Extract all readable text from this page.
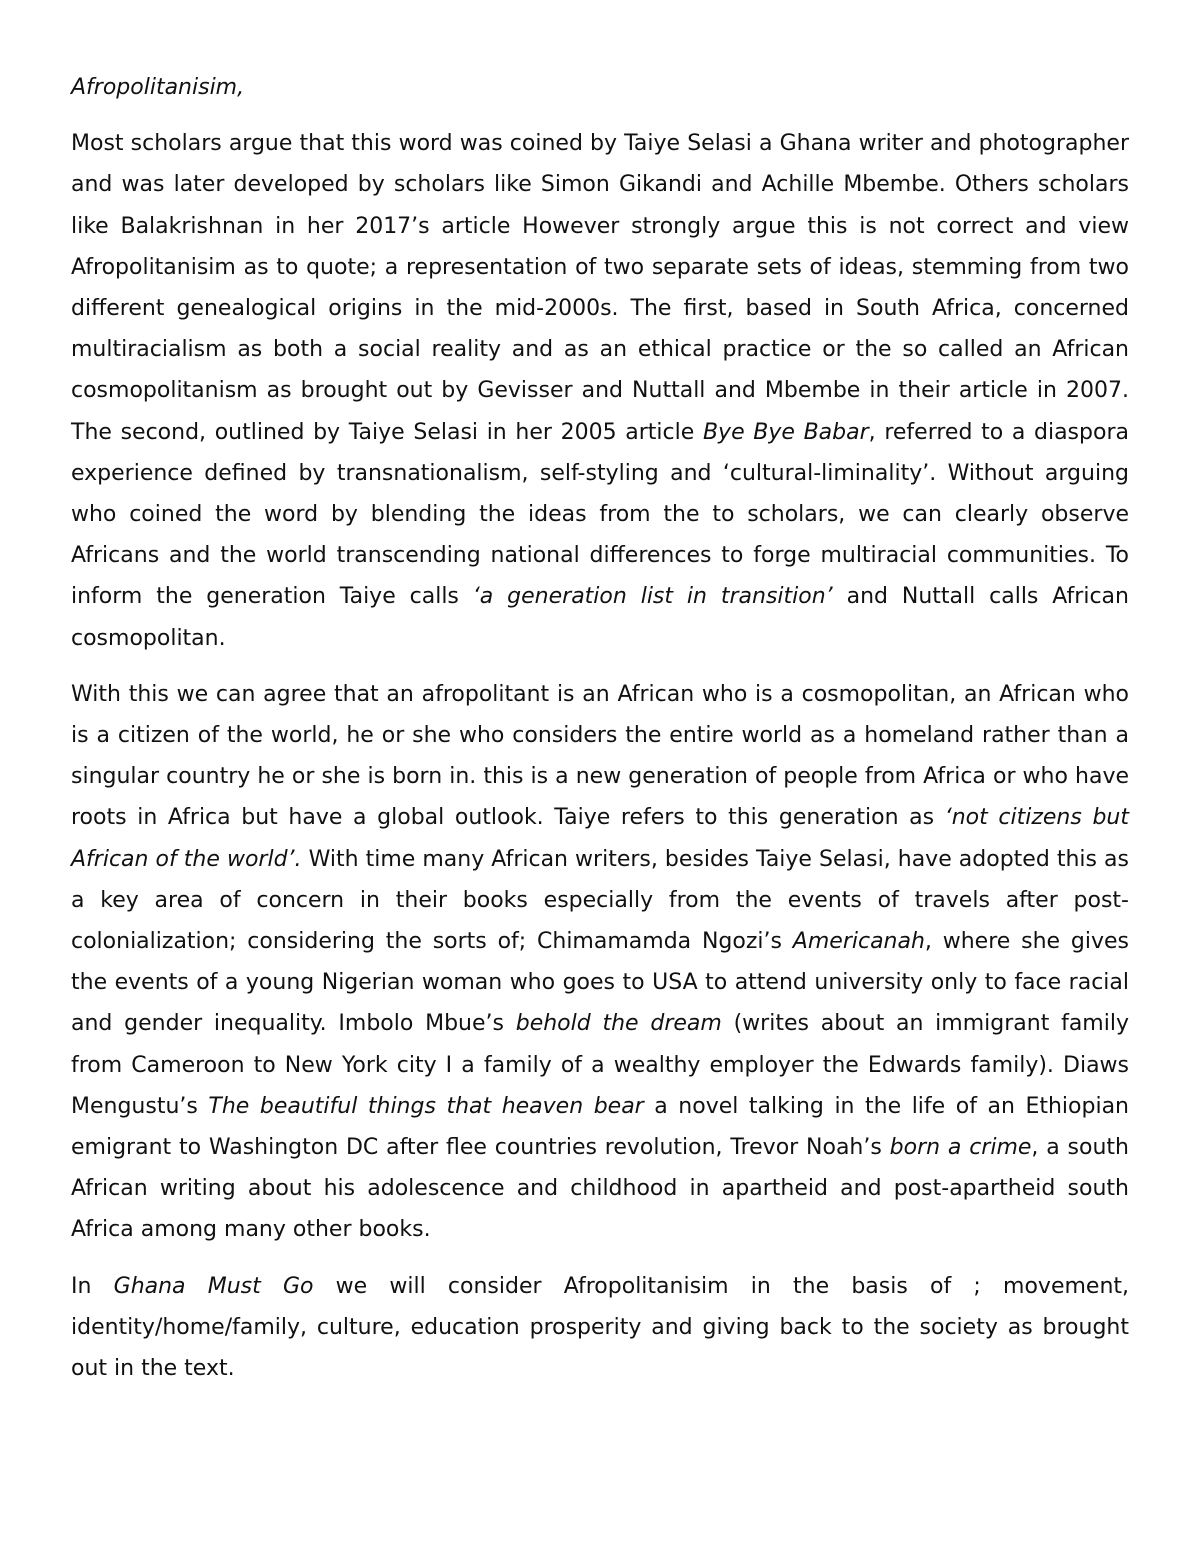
Afropolitanisim,

Most scholars argue that this word was coined by Taiye Selasi a Ghana writer and photographer and was later developed by scholars like Simon Gikandi and Achille Mbembe. Others scholars like Balakrishnan in her 2017’s article However strongly argue this is not correct and view Afropolitanisim as to quote; a representation of two separate sets of ideas, stemming from two different genealogical origins in the mid-2000s. The first, based in South Africa, concerned multiracialism as both a social reality and as an ethical practice or the so called an African cosmopolitanism as brought out by Gevisser and Nuttall and Mbembe in their article in 2007. The second, outlined by Taiye Selasi in her 2005 article Bye Bye Babar, referred to a diaspora experience defined by transnationalism, self-styling and ‘cultural-liminality’. Without arguing who coined the word by blending the ideas from the to scholars, we can clearly observe Africans and the world transcending national differences to forge multiracial communities. To inform the generation Taiye calls ‘a generation list in transition’ and Nuttall calls African cosmopolitan.

With this we can agree that an afropolitant is an African who is a cosmopolitan, an African who is a citizen of the world, he or she who considers the entire world as a homeland rather than a singular country he or she is born in. this is a new generation of people from Africa or who have roots in Africa but have a global outlook. Taiye refers to this generation as ‘not citizens but African of the world’. With time many African writers, besides Taiye Selasi, have adopted this as a key area of concern in their books especially from the events of travels after post-colonialization; considering the sorts of; Chimamamda Ngozi’s Americanah, where she gives the events of a young Nigerian woman who goes to USA to attend university only to face racial and gender inequality. Imbolo Mbue’s behold the dream (writes about an immigrant family from Cameroon to New York city I a family of a wealthy employer the Edwards family). Diaws Mengustu’s The beautiful things that heaven bear a novel talking in the life of an Ethiopian emigrant to Washington DC after flee countries revolution, Trevor Noah’s born a crime, a south African writing about his adolescence and childhood in apartheid and post-apartheid south Africa among many other books.

In Ghana Must Go we will consider Afropolitanisim in the basis of ; movement, identity/home/family, culture, education prosperity and giving back to the society as brought out in the text.
